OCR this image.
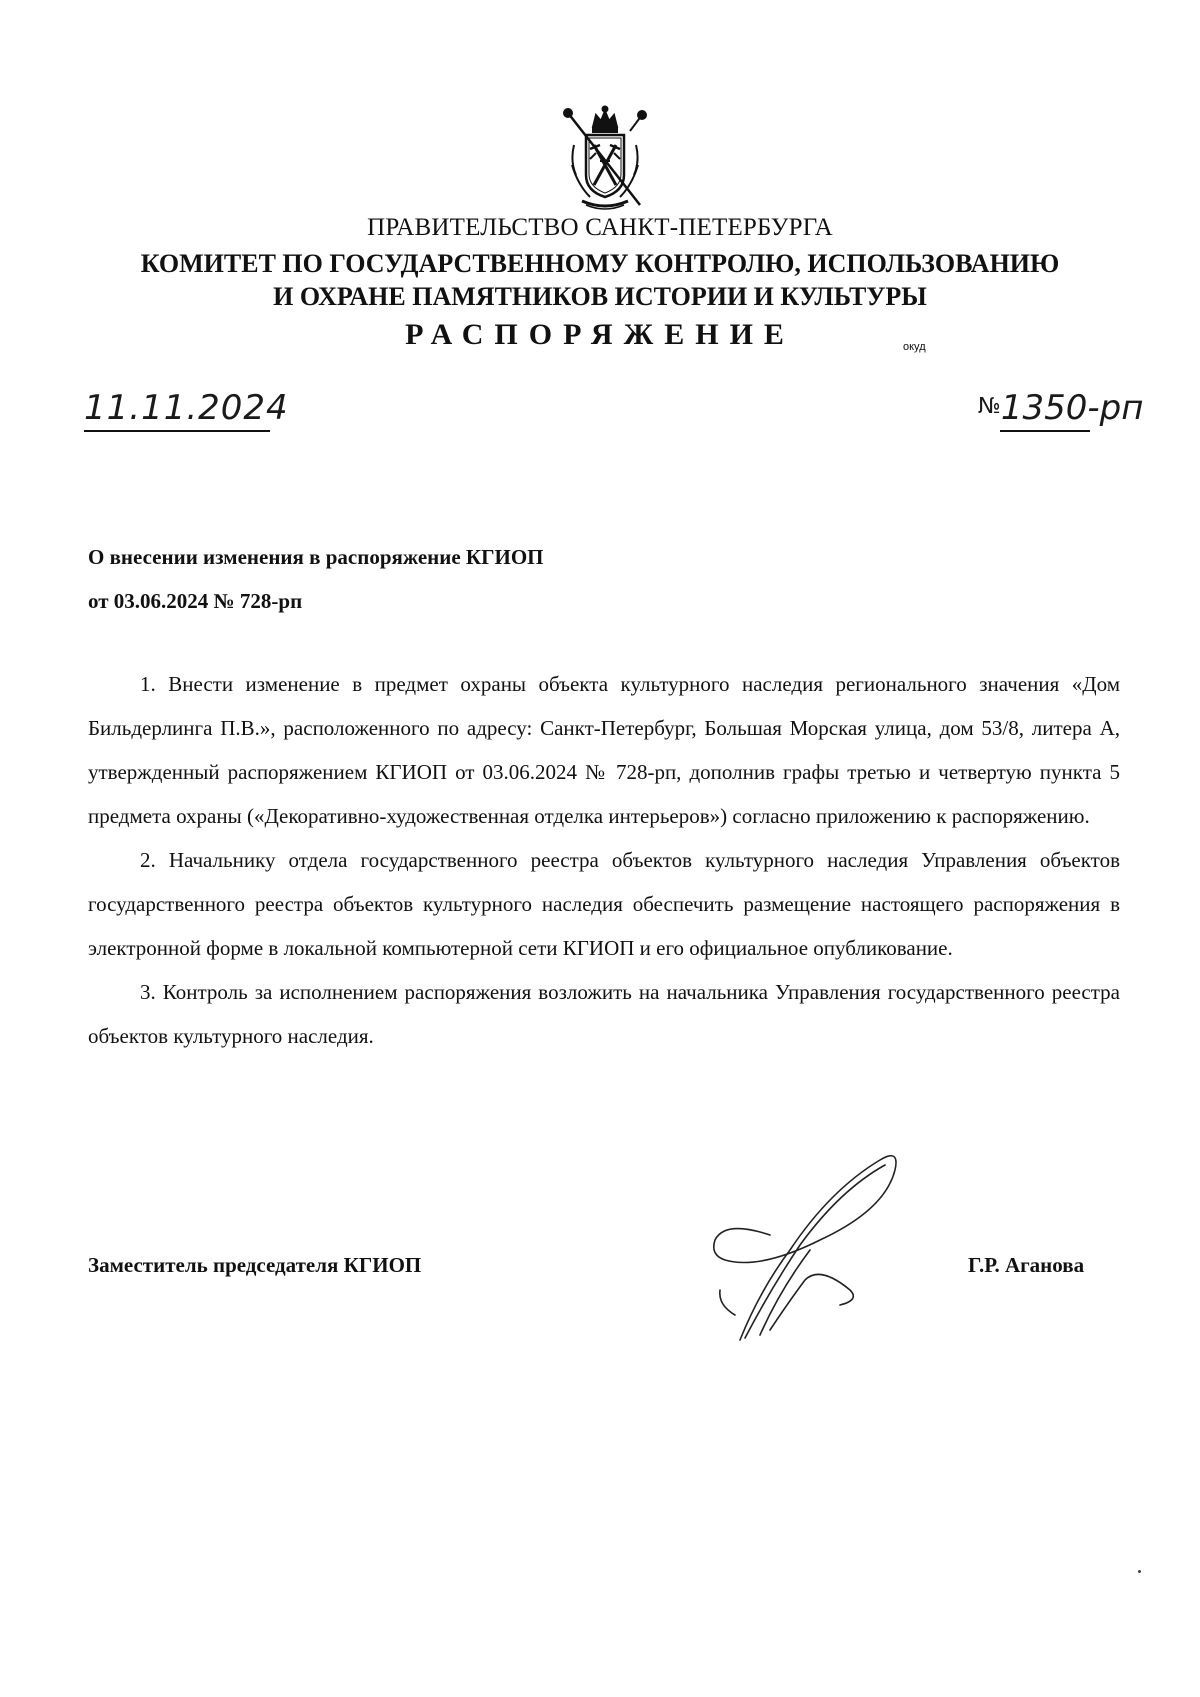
ПРАВИТЕЛЬСТВО САНКТ-ПЕТЕРБУРГА
КОМИТЕТ ПО ГОСУДАРСТВЕННОМУ КОНТРОЛЮ, ИСПОЛЬЗОВАНИЮ
И ОХРАНЕ ПАМЯТНИКОВ ИСТОРИИ И КУЛЬТУРЫ
РАСПОРЯЖЕНИЕ	окуд
11.11.2024	№1350-рп
О внесении изменения в распоряжение КГИОП
от 03.06.2024 № 728-рп

1. Внести изменение в предмет охраны объекта культурного наследия регионального значения «Дом Бильдерлинга П.В.», расположенного по адресу: Санкт-Петербург, Большая Морская улица, дом 53/8, литера А, утвержденный распоряжением КГИОП от 03.06.2024 № 728-рп, дополнив графы третью и четвертую пункта 5 предмета охраны («Декоративно-художественная отделка интерьеров») согласно приложению к распоряжению.

2. Начальнику отдела государственного реестра объектов культурного наследия Управления объектов государственного реестра объектов культурного наследия обеспечить размещение настоящего распоряжения в электронной форме в локальной компьютерной сети КГИОП и его официальное опубликование.

3. Контроль за исполнением распоряжения возложить на начальника Управления государственного реестра объектов культурного наследия.

Заместитель председателя КГИОП	Г.Р. Аганова
